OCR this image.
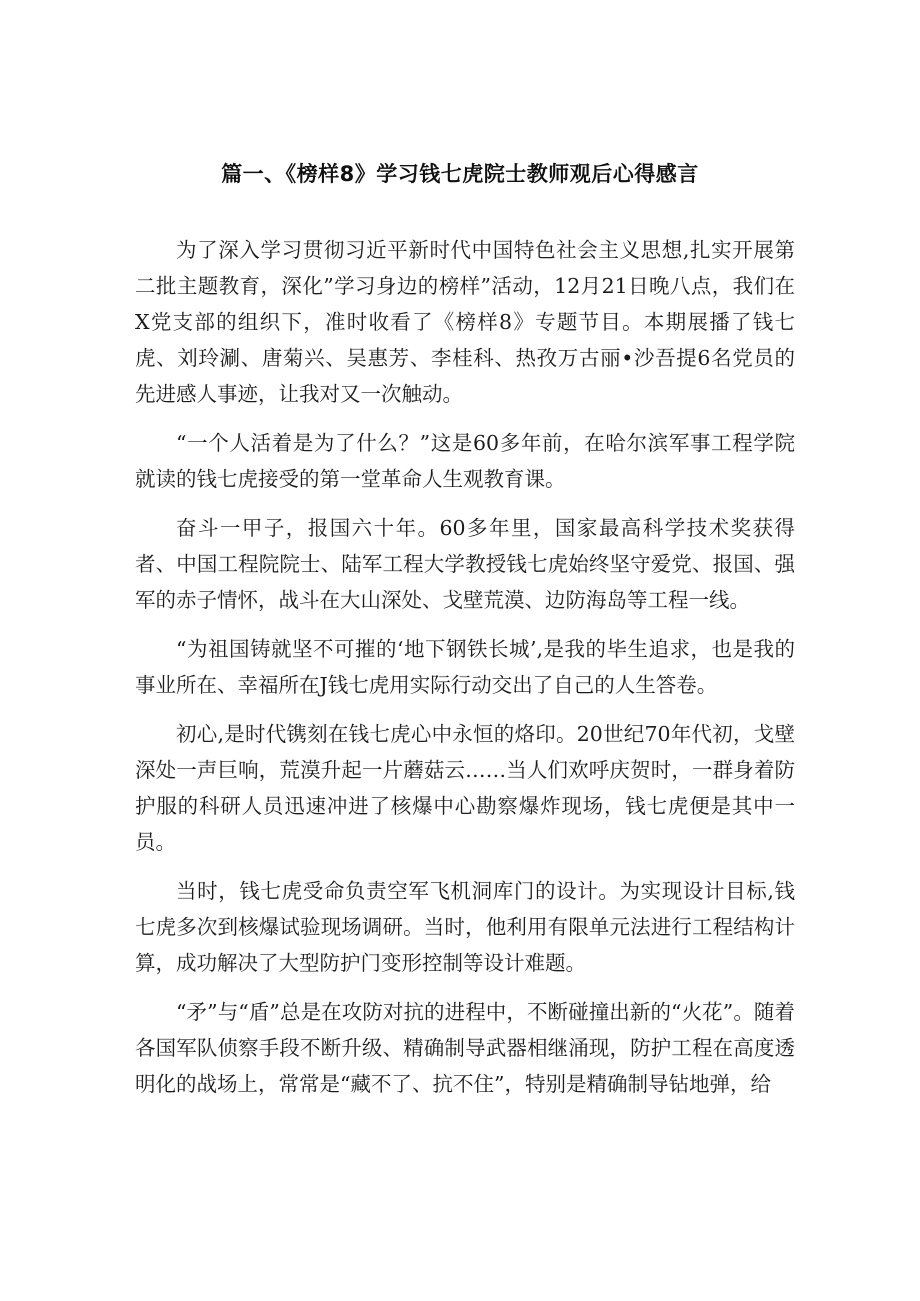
篇一、《榜样8》学习钱七虎院士教师观后心得感言

为了深入学习贯彻习近平新时代中国特色社会主义思想,扎实开展第二批主题教育，深化”学习身边的榜样”活动，12月21日晚八点，我们在X党支部的组织下，准时收看了《榜样8》专题节目。本期展播了钱七虎、刘玲涮、唐菊兴、吴惠芳、李桂科、热孜万古丽•沙吾提6名党员的先进感人事迹，让我对又一次触动。

“一个人活着是为了什么？”这是60多年前，在哈尔滨军事工程学院就读的钱七虎接受的第一堂革命人生观教育课。

奋斗一甲子，报国六十年。60多年里，国家最高科学技术奖获得者、中国工程院院士、陆军工程大学教授钱七虎始终坚守爱党、报国、强军的赤子情怀，战斗在大山深处、戈壁荒漠、边防海岛等工程一线。

“为祖国铸就坚不可摧的‘地下钢铁长城’,是我的毕生追求，也是我的事业所在、幸福所在J钱七虎用实际行动交出了自己的人生答卷。

初心,是时代镌刻在钱七虎心中永恒的烙印。20世纪70年代初，戈壁深处一声巨响，荒漠升起一片蘑菇云……当人们欢呼庆贺时，一群身着防护服的科研人员迅速冲进了核爆中心勘察爆炸现场，钱七虎便是其中一员。

当时，钱七虎受命负责空军飞机洞库门的设计。为实现设计目标,钱七虎多次到核爆试验现场调研。当时，他利用有限单元法进行工程结构计算，成功解决了大型防护门变形控制等设计难题。

“矛”与“盾”总是在攻防对抗的进程中，不断碰撞出新的“火花”。随着各国军队侦察手段不断升级、精确制导武器相继涌现，防护工程在高度透明化的战场上，常常是“藏不了、抗不住”，特别是精确制导钻地弹，给
